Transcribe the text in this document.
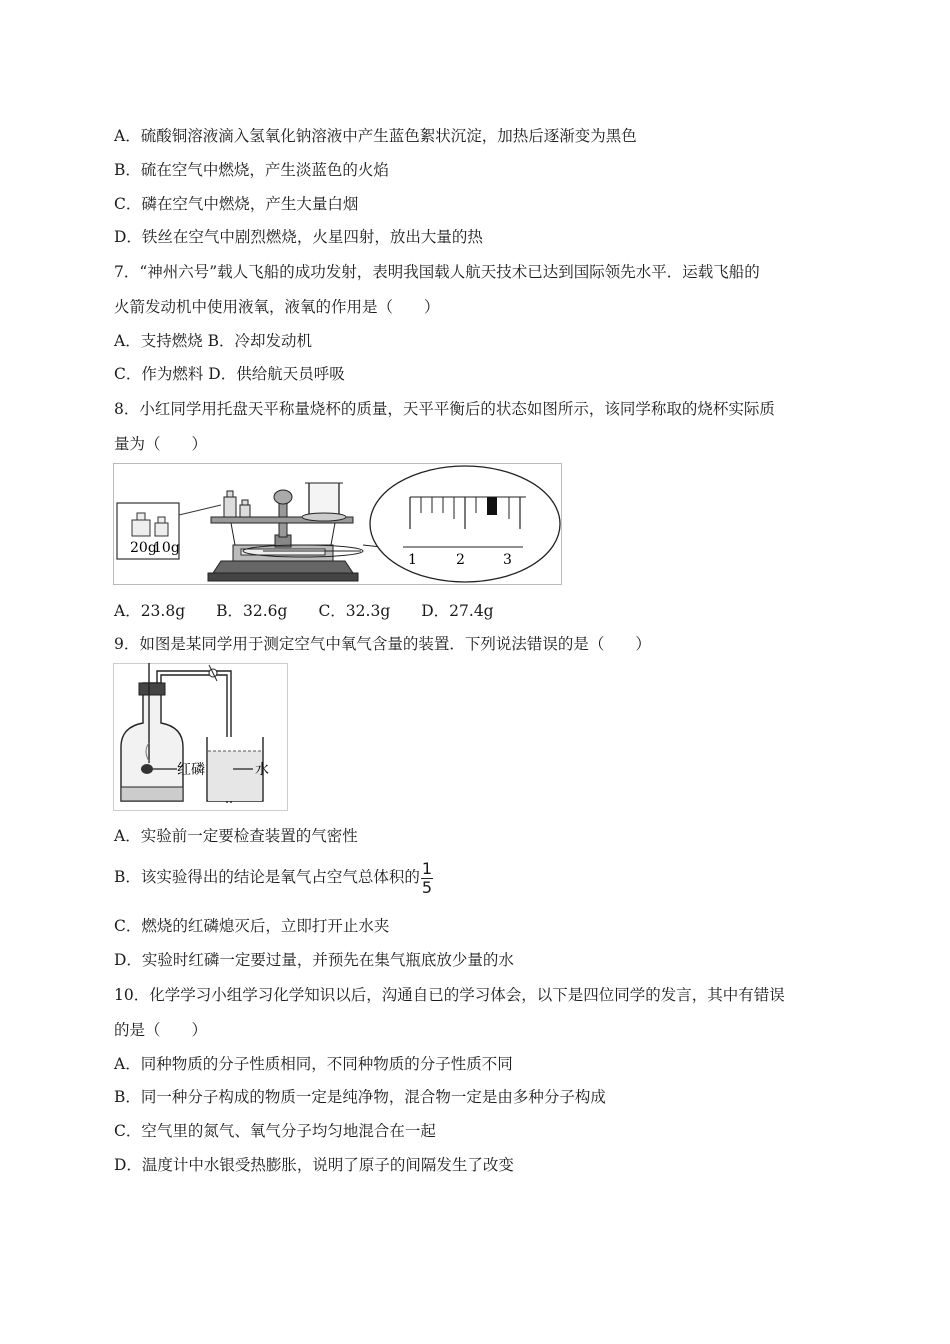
A．硫酸铜溶液滴入氢氧化钠溶液中产生蓝色絮状沉淀，加热后逐渐变为黑色
B．硫在空气中燃烧，产生淡蓝色的火焰
C．磷在空气中燃烧，产生大量白烟
D．铁丝在空气中剧烈燃烧，火星四射，放出大量的热
7．“神州六号”载人飞船的成功发射，表明我国载人航天技术已达到国际领先水平．运载飞船的
火箭发动机中使用液氧，液氧的作用是（　　）
A．支持燃烧 B．冷却发动机
C．作为燃料 D．供给航天员呼吸
8．小红同学用托盘天平称量烧杯的质量，天平平衡后的状态如图所示，该同学称取的烧杯实际质
量为（　　）
20g
10g
1	2	3
A．23.8g　　B．32.6g　　C．32.3g　　D．27.4g
9．如图是某同学用于测定空气中氧气含量的装置．下列说法错误的是（　　）
红磷	水
A．实验前一定要检查装置的气密性
B．该实验得出的结论是氧气占空气总体积的 $\frac{1}{5}$
C．燃烧的红磷熄灭后，立即打开止水夹
D．实验时红磷一定要过量，并预先在集气瓶底放少量的水
10．化学学习小组学习化学知识以后，沟通自已的学习体会，以下是四位同学的发言，其中有错误
的是（　　）
A．同种物质的分子性质相同，不同种物质的分子性质不同
B．同一种分子构成的物质一定是纯净物，混合物一定是由多种分子构成
C．空气里的氮气、氧气分子均匀地混合在一起
D．温度计中水银受热膨胀，说明了原子的间隔发生了改变
